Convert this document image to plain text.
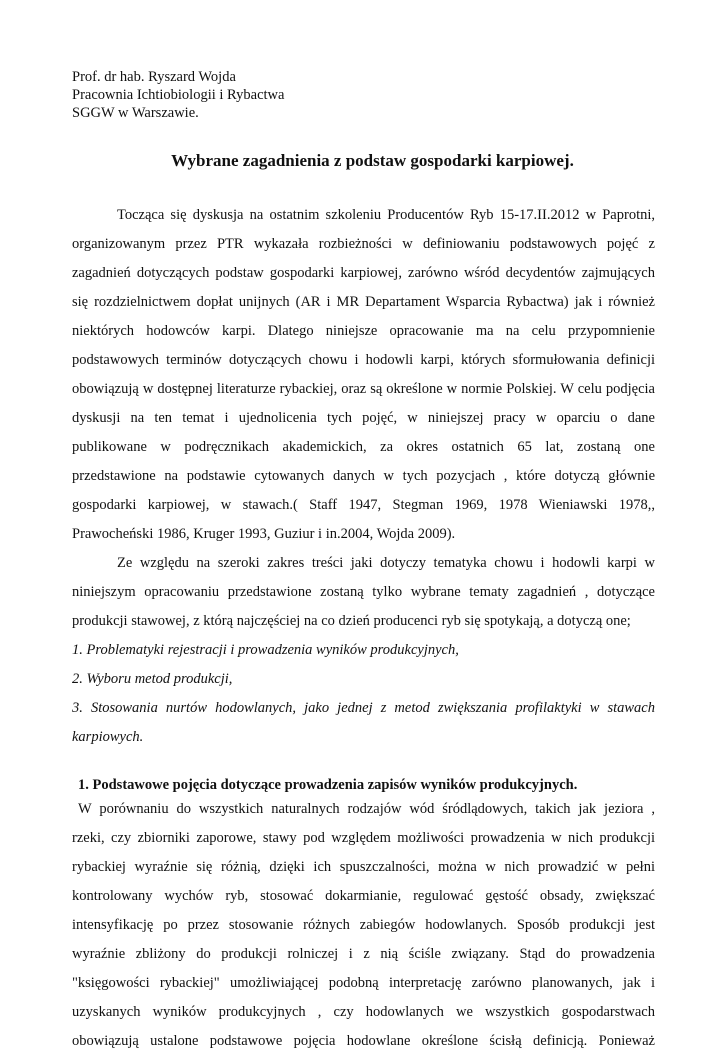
Prof. dr hab. Ryszard Wojda
Pracownia Ichtiobiologii i Rybactwa
SGGW w Warszawie.
Wybrane zagadnienia z podstaw gospodarki karpiowej.
Tocząca się dyskusja na ostatnim szkoleniu Producentów Ryb 15-17.II.2012 w Paprotni,
organizowanym przez PTR wykazała rozbieżności w definiowaniu podstawowych pojęć z
zagadnień dotyczących podstaw gospodarki karpiowej, zarówno wśród decydentów zajmujących
się rozdzielnictwem dopłat unijnych (AR i MR Departament Wsparcia Rybactwa) jak i również
niektórych hodowców karpi. Dlatego niniejsze opracowanie ma na celu przypomnienie
podstawowych terminów dotyczących chowu i hodowli karpi, których sformułowania definicji
obowiązują w dostępnej literaturze rybackiej, oraz są określone w normie Polskiej. W celu podjęcia
dyskusji na ten temat i ujednolicenia tych pojęć, w niniejszej pracy w oparciu o dane
publikowane w podręcznikach akademickich, za okres ostatnich 65 lat, zostaną one
przedstawione na podstawie cytowanych danych w tych pozycjach , które dotyczą głównie
gospodarki karpiowej, w stawach.( Staff 1947, Stegman 1969, 1978 Wieniawski 1978,,
Prawocheński 1986, Kruger 1993, Guziur i in.2004, Wojda 2009).
Ze względu na szeroki zakres treści jaki dotyczy tematyka chowu i hodowli karpi w
niniejszym opracowaniu przedstawione zostaną tylko wybrane tematy zagadnień , dotyczące
produkcji stawowej, z którą najczęściej na co dzień producenci ryb się spotykają, a dotyczą one;
1. Problematyki rejestracji i prowadzenia wyników produkcyjnych,
2. Wyboru metod produkcji,
3. Stosowania nurtów hodowlanych, jako jednej z metod zwiększania profilaktyki w stawach
karpiowych.
1. Podstawowe pojęcia dotyczące prowadzenia zapisów wyników produkcyjnych.
W porównaniu do wszystkich naturalnych rodzajów wód śródlądowych, takich jak jeziora ,
rzeki, czy zbiorniki zaporowe, stawy pod względem możliwości prowadzenia w nich produkcji
rybackiej wyraźnie się różnią, dzięki ich spuszczalności, można w nich prowadzić w pełni
kontrolowany wychów ryb, stosować dokarmianie, regulować gęstość obsady, zwiększać
intensyfikację po przez stosowanie różnych zabiegów hodowlanych. Sposób produkcji jest
wyraźnie zbliżony do produkcji rolniczej i z nią ściśle związany. Stąd do prowadzenia
"księgowości rybackiej" umożliwiającej podobną interpretację zarówno planowanych, jak i
uzyskanych wyników produkcyjnych , czy hodowlanych we wszystkich gospodarstwach
obowiązują ustalone podstawowe pojęcia hodowlane określone ścisłą definicją. Ponieważ
